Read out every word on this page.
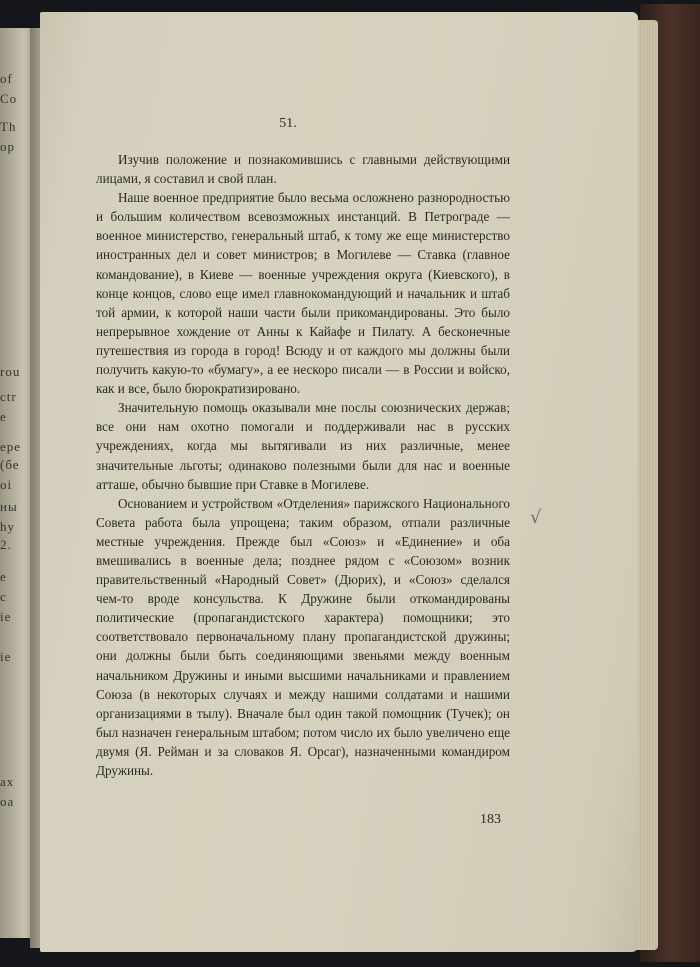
of
Co
Th
op
rou
ctr
e
epe
(бе
oi
ны
hy
2.
e
c
ie
ie
ax
oa
51.

Изучив положение и познакомившись с главными действующими лицами, я составил и свой план.

Наше военное предприятие было весьма осложнено разнородностью и большим количеством всевозможных инстанций. В Петрограде — военное министерство, генеральный штаб, к тому же еще министерство иностранных дел и совет министров; в Могилеве — Ставка (главное командование), в Киеве — военные учреждения округа (Киевского), в конце концов, слово еще имел главнокомандующий и начальник и штаб той армии, к которой наши части были прикомандированы. Это было непрерывное хождение от Анны к Кайафе и Пилату. А бесконечные путешествия из города в город! Всюду и от каждого мы должны были получить какую-то «бумагу», а ее нескоро писали — в России и войско, как и все, было бюрократизировано.

Значительную помощь оказывали мне послы союзнических держав; все они нам охотно помогали и поддерживали нас в русских учреждениях, когда мы вытягивали из них различные, менее значительные льготы; одинаково полезными были для нас и военные атташе, обычно бывшие при Ставке в Могилеве.

Основанием и устройством «Отделения» парижского Национального Совета работа была упрощена; таким образом, отпали различные местные учреждения. Прежде был «Союз» и «Единение» и оба вмешивались в военные дела; позднее рядом с «Союзом» возник правительственный «Народный Совет» (Дюрих), и «Союз» сделался чем-то вроде консульства. К Дружине были откомандированы политические (пропагандистского характера) помощники; это соответствовало первоначальному плану пропагандистской дружины; они должны были быть соединяющими звеньями между военным начальником Дружины и иными высшими начальниками и правлением Союза (в некоторых случаях и между нашими солдатами и нашими организациями в тылу). Вначале был один такой помощник (Тучек); он был назначен генеральным штабом; потом число их было увеличено еще двумя (Я. Рейман и за словаков Я. Орсаг), назначенными командиром Дружины.

√
183
